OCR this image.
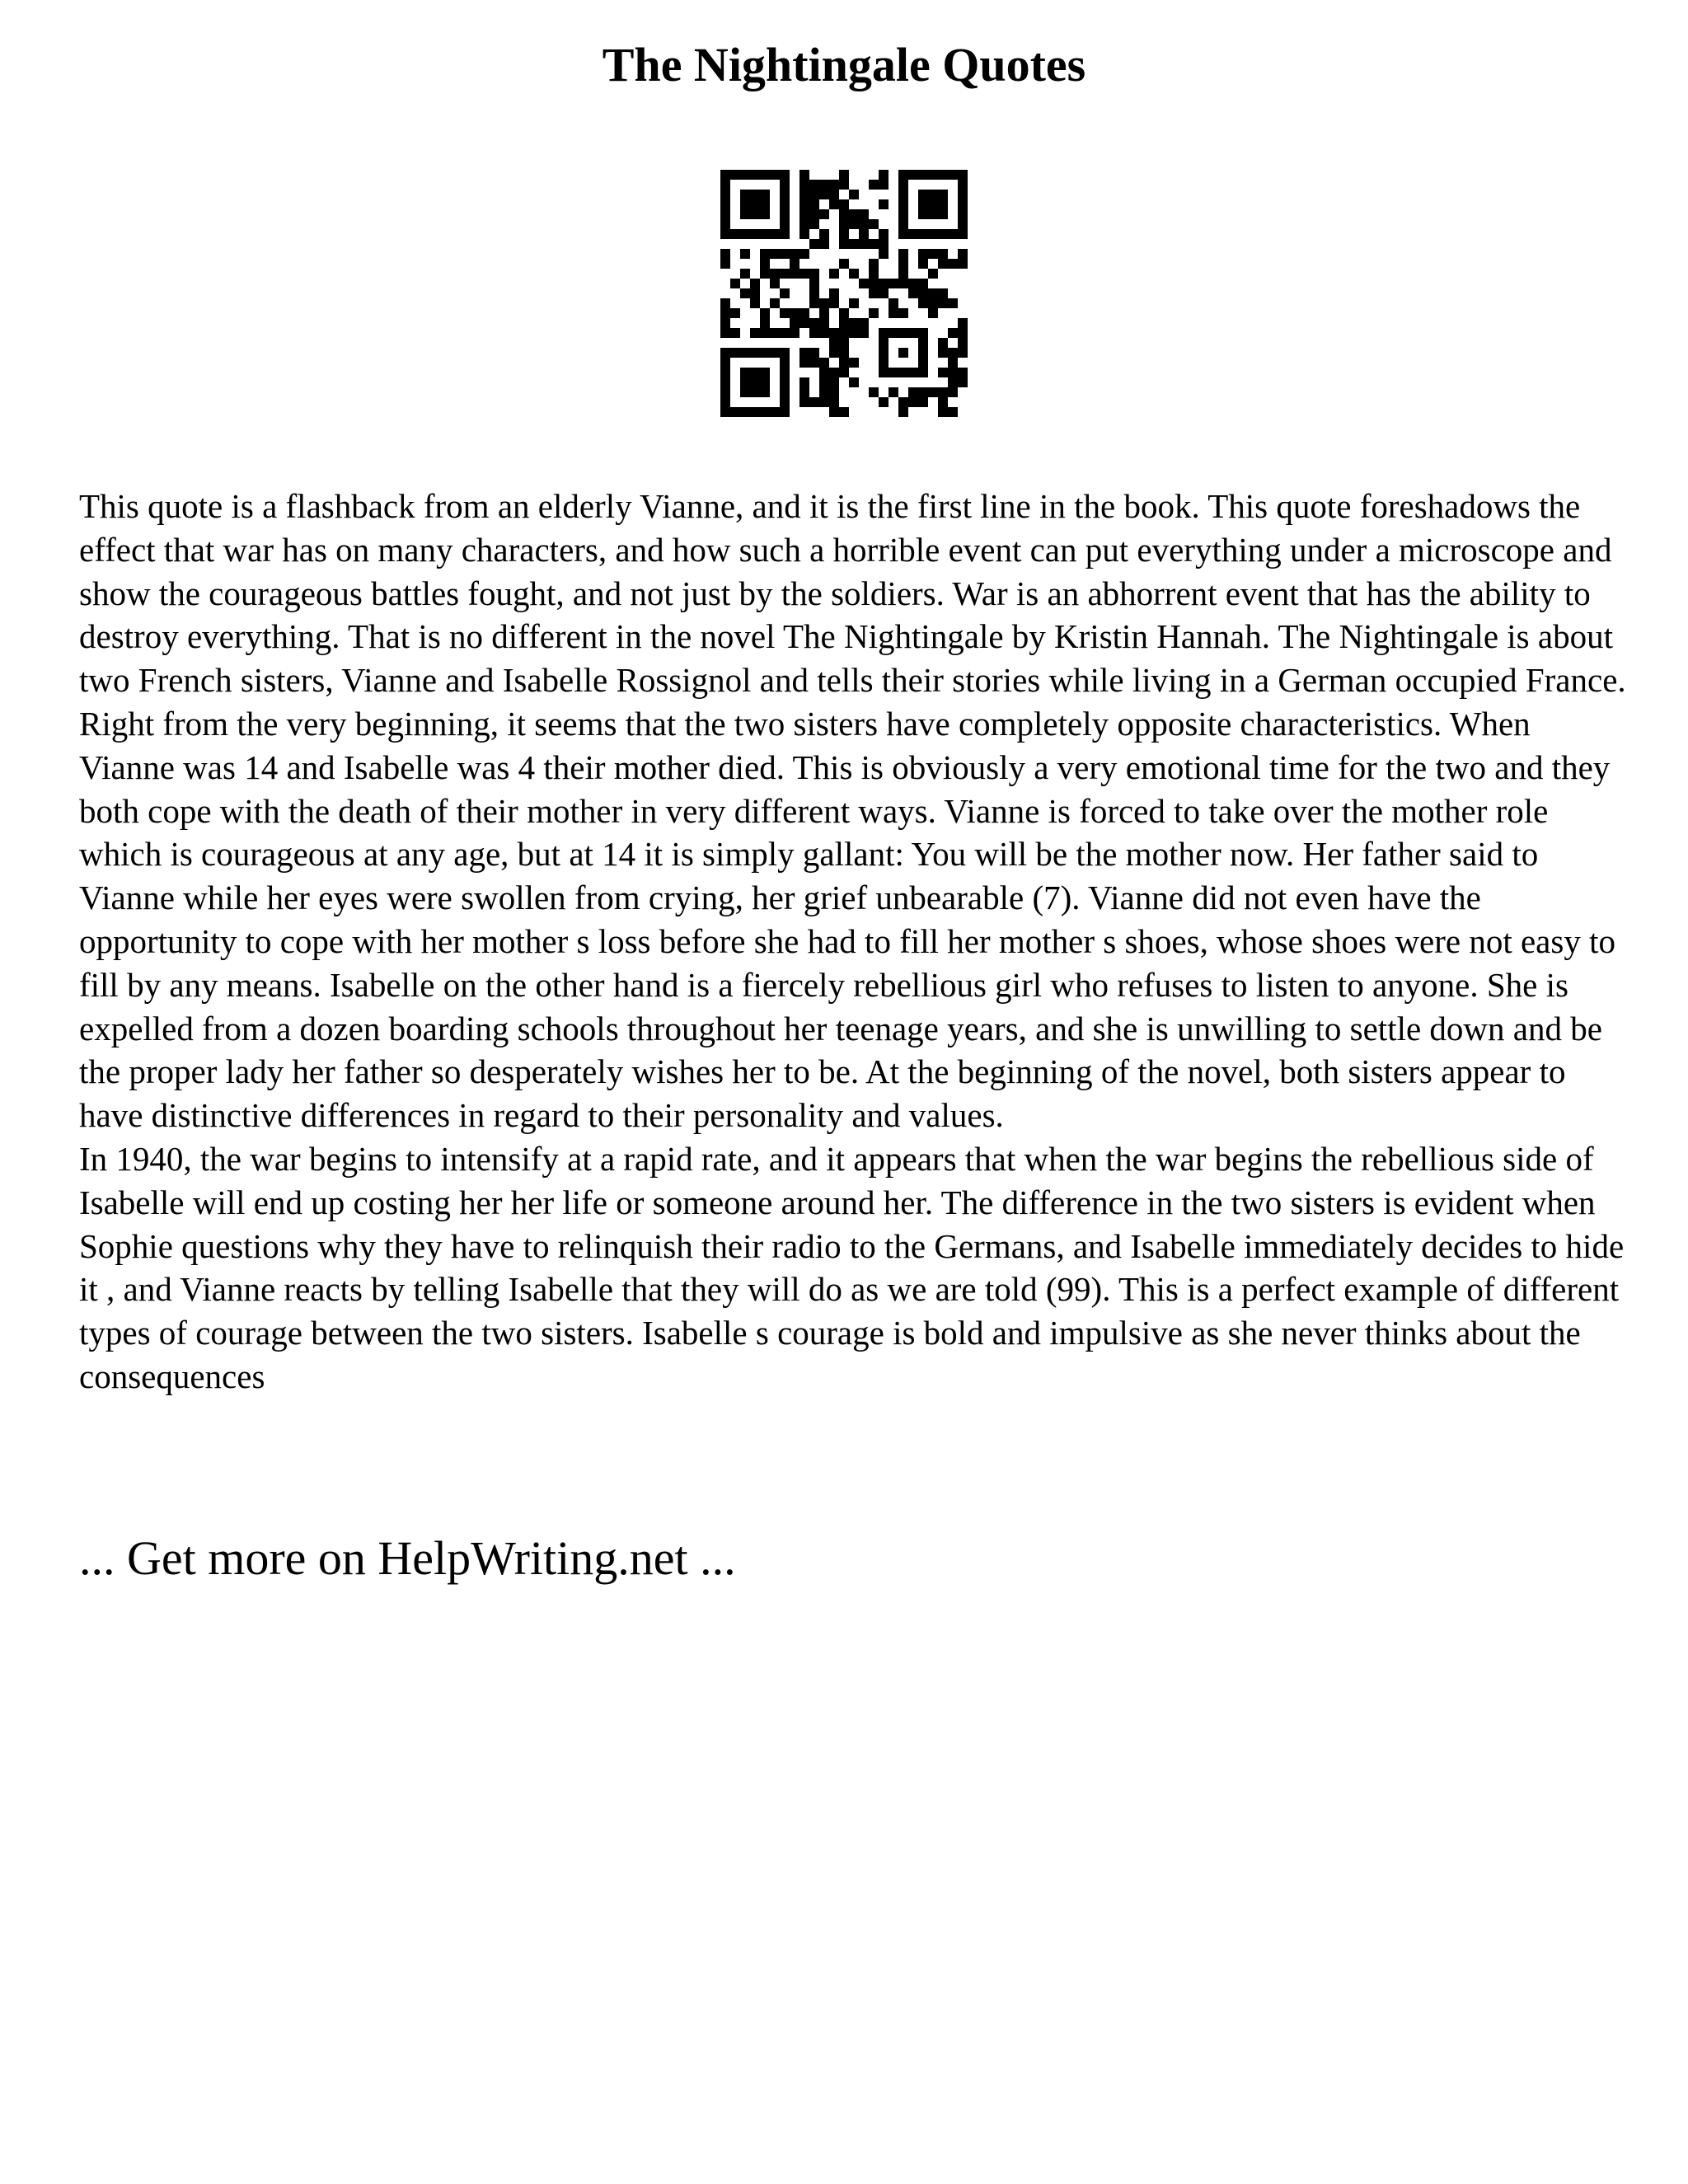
The Nightingale Quotes

This quote is a flashback from an elderly Vianne, and it is the first line in the book. This quote foreshadows the effect that war has on many characters, and how such a horrible event can put everything under a microscope and show the courageous battles fought, and not just by the soldiers. War is an abhorrent event that has the ability to destroy everything. That is no different in the novel The Nightingale by Kristin Hannah. The Nightingale is about two French sisters, Vianne and Isabelle Rossignol and tells their stories while living in a German occupied France. Right from the very beginning, it seems that the two sisters have completely opposite characteristics. When Vianne was 14 and Isabelle was 4 their mother died. This is obviously a very emotional time for the two and they both cope with the death of their mother in very different ways. Vianne is forced to take over the mother role which is courageous at any age, but at 14 it is simply gallant: You will be the mother now. Her father said to Vianne while her eyes were swollen from crying, her grief unbearable (7). Vianne did not even have the opportunity to cope with her mother s loss before she had to fill her mother s shoes, whose shoes were not easy to fill by any means. Isabelle on the other hand is a fiercely rebellious girl who refuses to listen to anyone. She is expelled from a dozen boarding schools throughout her teenage years, and she is unwilling to settle down and be the proper lady her father so desperately wishes her to be. At the beginning of the novel, both sisters appear to have distinctive differences in regard to their personality and values.

In 1940, the war begins to intensify at a rapid rate, and it appears that when the war begins the rebellious side of Isabelle will end up costing her her life or someone around her. The difference in the two sisters is evident when Sophie questions why they have to relinquish their radio to the Germans, and Isabelle immediately decides to hide it , and Vianne reacts by telling Isabelle that they will do as we are told (99). This is a perfect example of different types of courage between the two sisters. Isabelle s courage is bold and impulsive as she never thinks about the consequences

... Get more on HelpWriting.net ...
